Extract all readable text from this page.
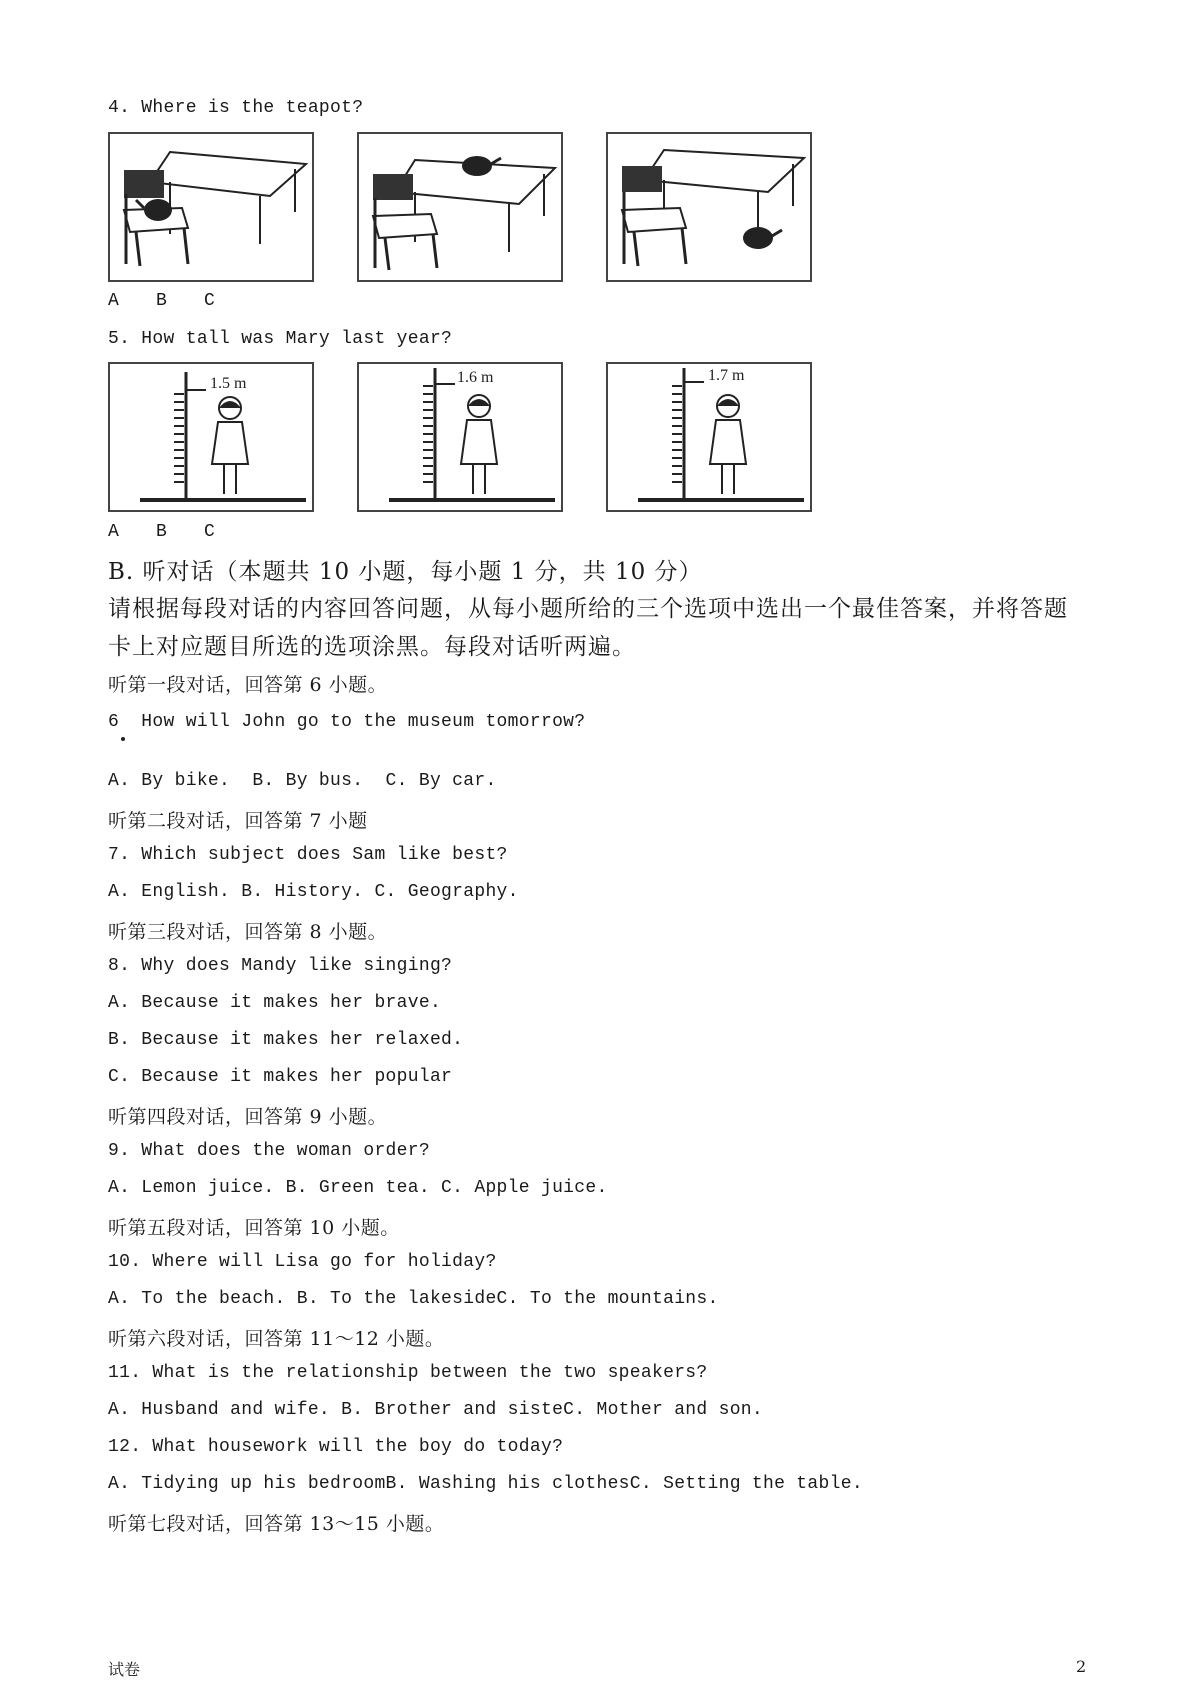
4. Where is the teapot?
A B C
5. How tall was Mary last year?
1.5 m	1.6 m	1.7 m
A B C
B. 听对话（本题共 10 小题，每小题 1 分，共 10 分）
请根据每段对话的内容回答问题，从每小题所给的三个选项中选出一个最佳答案，并将答题
卡上对应题目所选的选项涂黑。每段对话听两遍。
听第一段对话，回答第 6 小题。
6  How will John go to the museum tomorrow?
A. By bike.  B. By bus.  C. By car.
听第二段对话，回答第 7 小题
7. Which subject does Sam like best?
A. English. B. History. C. Geography.
听第三段对话，回答第 8 小题。
8. Why does Mandy like singing?
A. Because it makes her brave.
B. Because it makes her relaxed.
C. Because it makes her popular
听第四段对话，回答第 9 小题。
9. What does the woman order?
A. Lemon juice. B. Green tea. C. Apple juice.
听第五段对话，回答第 10 小题。
10. Where will Lisa go for holiday?
A. To the beach. B. To the lakesideC. To the mountains.
听第六段对话，回答第 11～12 小题。
11. What is the relationship between the two speakers?
A. Husband and wife. B. Brother and sisteC. Mother and son.
12. What housework will the boy do today?
A. Tidying up his bedroomB. Washing his clothesC. Setting the table.
听第七段对话，回答第 13～15 小题。
试卷	2
